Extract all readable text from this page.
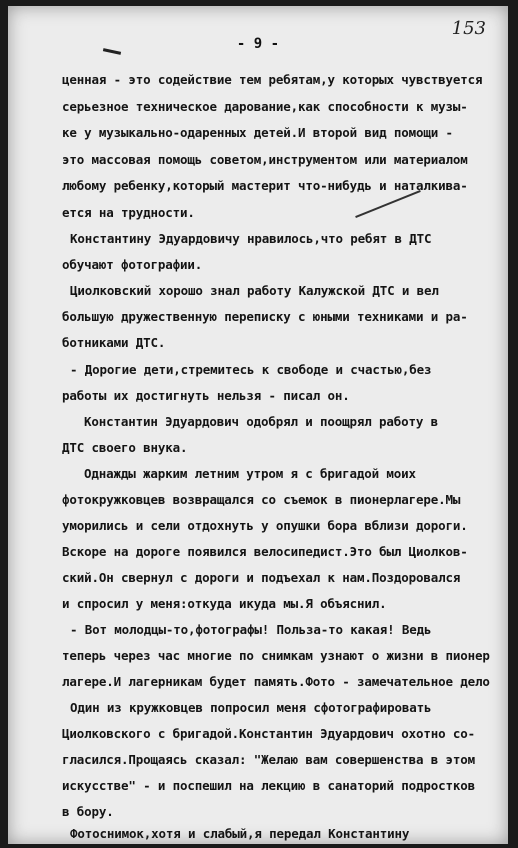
- 9 -
153
ценная - это содействие тем ребятам,у которых чувствуется
серьезное техническое дарование,как способности к музы-
ке у музыкально-одаренных детей.И второй вид помощи -
это массовая помощь советом,инструментом или материалом
любому ребенку,который мастерит что-нибудь и наталкива-
ется на трудности.
Константину Эдуардовичу нравилось,что ребят в ДТС
обучают фотографии.
Циолковский хорошо знал работу Калужской ДТС и вел
большую дружественную переписку с юными техниками и ра-
ботниками ДТС.
- Дорогие дети,стремитесь к свободе и счастью,без
работы их достигнуть нельзя - писал он.
Константин Эдуардович одобрял и поощрял работу в
ДТС своего внука.
Однажды жарким летним утром я с бригадой моих
фотокружковцев возвращался со съемок в пионерлагере.Мы
уморились и сели отдохнуть у опушки бора вблизи дороги.
Вскоре на дороге появился велосипедист.Это был Циолков-
ский.Он свернул с дороги и подъехал к нам.Поздоровался
и спросил у меня:откуда икуда мы.Я объяснил.
- Вот молодцы-то,фотографы! Польза-то какая! Ведь
теперь через час многие по снимкам узнают о жизни в пионер
лагере.И лагерникам будет память.Фото - замечательное дело
Один из кружковцев попросил меня сфотографировать
Циолковского с бригадой.Константин Эдуардович охотно со-
гласился.Прощаясь сказал: "Желаю вам совершенства в этом
искусстве" - и поспешил на лекцию в санаторий подростков
в бору.
Фотоснимок,хотя и слабый,я передал Константину
